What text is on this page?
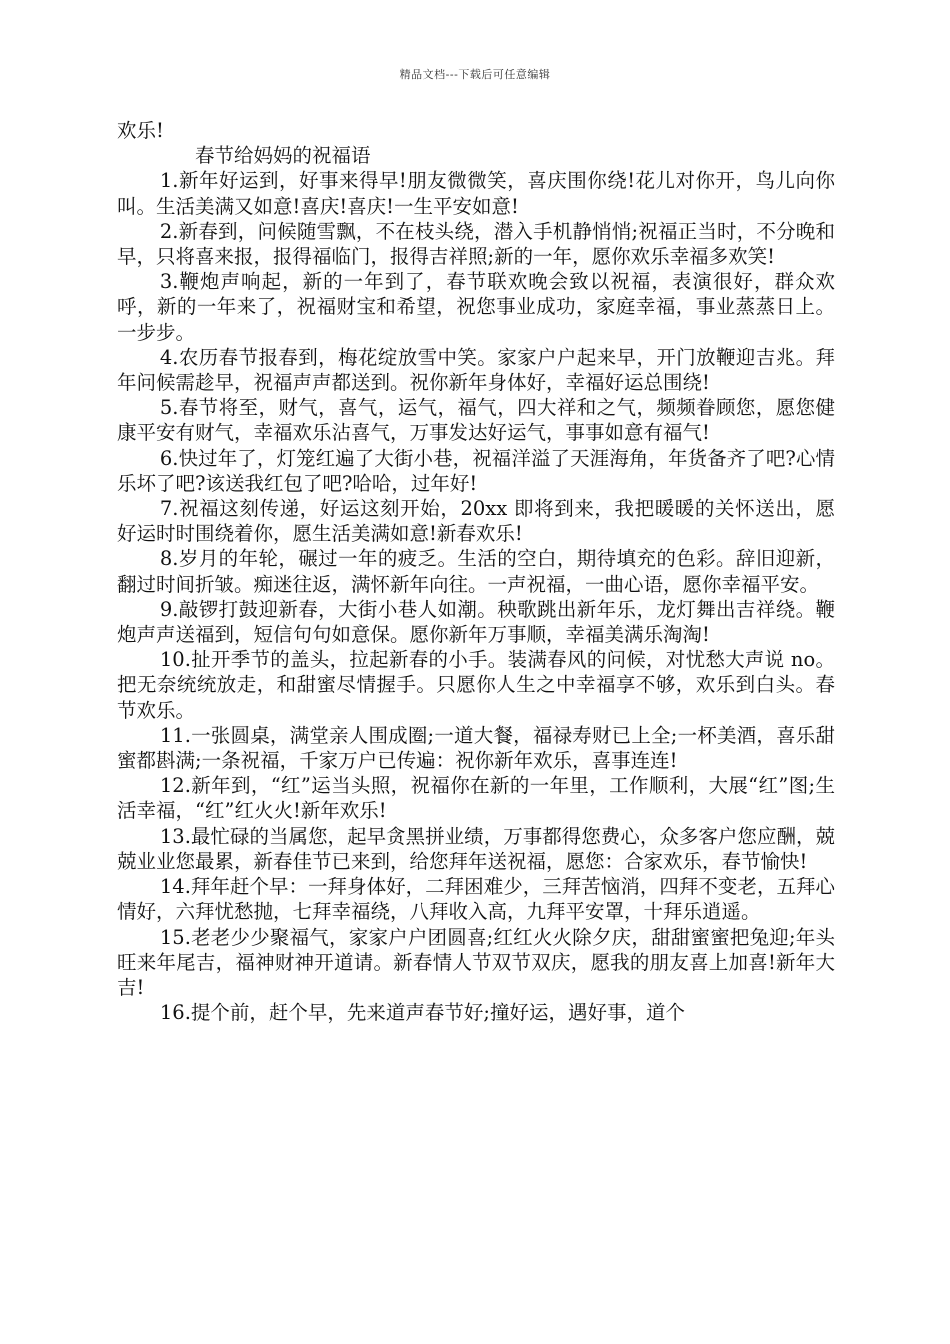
精品文档---下载后可任意编辑

欢乐!

春节给妈妈的祝福语

1.新年好运到，好事来得早!朋友微微笑，喜庆围你绕!花儿对你开，鸟儿向你叫。生活美满又如意!喜庆!喜庆!一生平安如意!

2.新春到，问候随雪飘，不在枝头绕，潜入手机静悄悄;祝福正当时，不分晚和早，只将喜来报，报得福临门，报得吉祥照;新的一年，愿你欢乐幸福多欢笑!

3.鞭炮声响起，新的一年到了，春节联欢晚会致以祝福，表演很好，群众欢呼，新的一年来了，祝福财宝和希望，祝您事业成功，家庭幸福，事业蒸蒸日上。一步步。

4.农历春节报春到，梅花绽放雪中笑。家家户户起来早，开门放鞭迎吉兆。拜年问候需趁早，祝福声声都送到。祝你新年身体好，幸福好运总围绕!

5.春节将至，财气，喜气，运气，福气，四大祥和之气，频频眷顾您，愿您健康平安有财气，幸福欢乐沾喜气，万事发达好运气，事事如意有福气!

6.快过年了，灯笼红遍了大街小巷，祝福洋溢了天涯海角，年货备齐了吧?心情乐坏了吧?该送我红包了吧?哈哈，过年好!

7.祝福这刻传递，好运这刻开始，20xx 即将到来，我把暖暖的关怀送出，愿好运时时围绕着你，愿生活美满如意!新春欢乐!

8.岁月的年轮，碾过一年的疲乏。生活的空白，期待填充的色彩。辞旧迎新，翻过时间折皱。痴迷往返，满怀新年向往。一声祝福，一曲心语，愿你幸福平安。

9.敲锣打鼓迎新春，大街小巷人如潮。秧歌跳出新年乐，龙灯舞出吉祥绕。鞭炮声声送福到，短信句句如意保。愿你新年万事顺，幸福美满乐淘淘!

10.扯开季节的盖头，拉起新春的小手。装满春风的问候，对忧愁大声说 no。把无奈统统放走，和甜蜜尽情握手。只愿你人生之中幸福享不够，欢乐到白头。春节欢乐。

11.一张圆桌，满堂亲人围成圈;一道大餐，福禄寿财已上全;一杯美酒，喜乐甜蜜都斟满;一条祝福，千家万户已传遍：祝你新年欢乐，喜事连连!

12.新年到，“红”运当头照，祝福你在新的一年里，工作顺利，大展“红”图;生活幸福，“红”红火火!新年欢乐!

13.最忙碌的当属您，起早贪黑拼业绩，万事都得您费心，众多客户您应酬，兢兢业业您最累，新春佳节已来到，给您拜年送祝福，愿您：合家欢乐，春节愉快!

14.拜年赶个早：一拜身体好，二拜困难少，三拜苦恼消，四拜不变老，五拜心情好，六拜忧愁抛，七拜幸福绕，八拜收入高，九拜平安罩，十拜乐逍遥。

15.老老少少聚福气，家家户户团圆喜;红红火火除夕庆，甜甜蜜蜜把兔迎;年头旺来年尾吉，福神财神开道请。新春情人节双节双庆，愿我的朋友喜上加喜!新年大吉!

16.提个前，赶个早，先来道声春节好;撞好运，遇好事，道个
